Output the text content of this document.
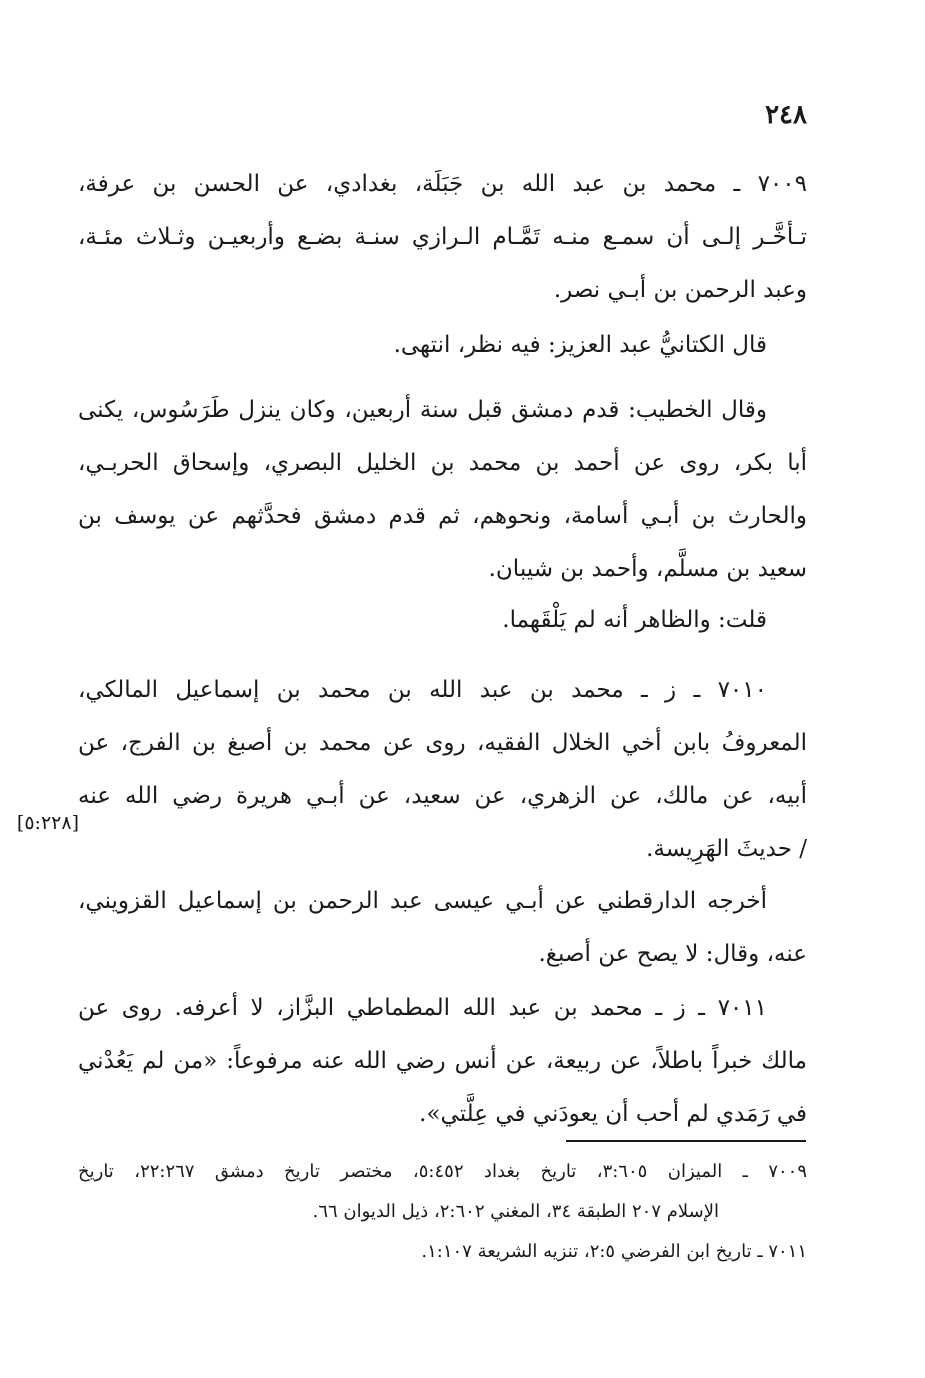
٢٤٨
٧٠٠٩ ـ محمد بن عبد الله بن جَبَلَة، بغدادي، عن الحسن بن عرفة،
تـأخَّـر إلـى أن سمـع منـه تَمَّـام الـرازي سنـة بضـع وأربعيـن وثـلاث مئـة،
وعبد الرحمن بن أبـي نصر.
قال الكتانيُّ عبد العزيز: فيه نظر، انتهى.
وقال الخطيب: قدم دمشق قبل سنة أربعين، وكان ينزل طَرَسُوس، يكنى
أبا بكر، روى عن أحمد بن محمد بن الخليل البصري، وإسحاق الحربـي،
والحارث بن أبـي أسامة، ونحوهم، ثم قدم دمشق فحدَّثهم عن يوسف بن
سعيد بن مسلَّم، وأحمد بن شيبان.
قلت: والظاهر أنه لم يَلْقَهما.
٧٠١٠ ـ ز ـ محمد بن عبد الله بن محمد بن إسماعيل المالكي،
المعروفُ بابن أخي الخلال الفقيه، روى عن محمد بن أصبغ بن الفرج، عن
أبيه، عن مالك، عن الزهري، عن سعيد، عن أبـي هريرة رضي الله عنه
/ حديثَ الهَرِيسة.
[٥:٢٢٨]
أخرجه الدارقطني عن أبـي عيسى عبد الرحمن بن إسماعيل القزويني،
عنه، وقال: لا يصح عن أصبغ.
٧٠١١ ـ ز ـ محمد بن عبد الله المطماطي البزَّاز، لا أعرفه. روى عن
مالك خبراً باطلاً، عن ربيعة، عن أنس رضي الله عنه مرفوعاً: «من لم يَعُدْني
في رَمَدي لم أحب أن يعودَني في عِلَّتي».
٧٠٠٩ ـ الميزان ٣:٦٠٥، تاريخ بغداد ٥:٤٥٢، مختصر تاريخ دمشق ٢٢:٢٦٧، تاريخ
الإسلام ٢٠٧ الطبقة ٣٤، المغني ٢:٦٠٢، ذيل الديوان ٦٦.
٧٠١١ ـ تاريخ ابن الفرضي ٢:٥، تنزيه الشريعة ١:١٠٧.
